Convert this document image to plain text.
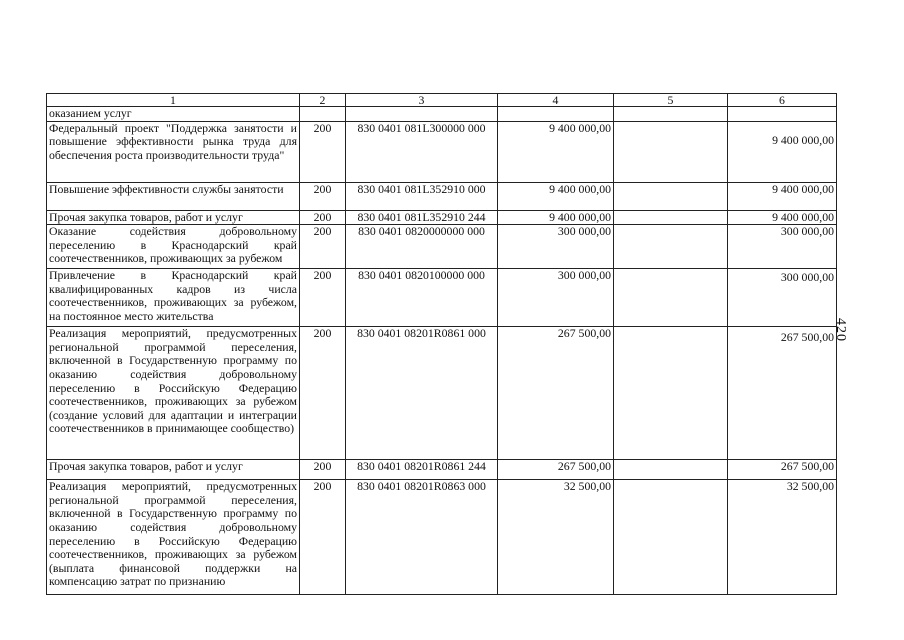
420
1	2	3	4	5	6
оказанием услуг					
Федеральный проект "Поддержка занятости и повышение эффективности рынка труда для обеспечения роста производительности труда"	200	830 0401 081L300000 000	9 400 000,00		9 400 000,00

Повышение эффективности службы занятости	200	830 0401 081L352910 000	9 400 000,00		9 400 000,00
Прочая закупка товаров, работ и услуг	200	830 0401 081L352910 244	9 400 000,00		9 400 000,00
Оказание содействия добровольному переселению в Краснодарский край соотечественников, проживающих за рубежом	200	830 0401 0820000000 000	300 000,00		300 000,00
Привлечение в Краснодарский край квалифицированных кадров из числа соотечественников, проживающих за рубежом, на постоянное место жительства	200	830 0401 0820100000 000	300 000,00		300 000,00

Реализация мероприятий, предусмотренных региональной программой переселения, включенной в Государственную программу по оказанию содействия добровольному переселению в Российскую Федерацию соотечественников, проживающих за рубежом (создание условий для адаптации и интеграции соотечественников в принимающее сообщество)	200	830 0401 08201R0861 000	267 500,00		267 500,00

Прочая закупка товаров, работ и услуг	200	830 0401 08201R0861 244	267 500,00		267 500,00
Реализация мероприятий, предусмотренных региональной программой переселения, включенной в Государственную программу по оказанию содействия добровольному переселению в Российскую Федерацию соотечественников, проживающих за рубежом (выплата финансовой поддержки на компенсацию затрат по признанию	200	830 0401 08201R0863 000	32 500,00		32 500,00
